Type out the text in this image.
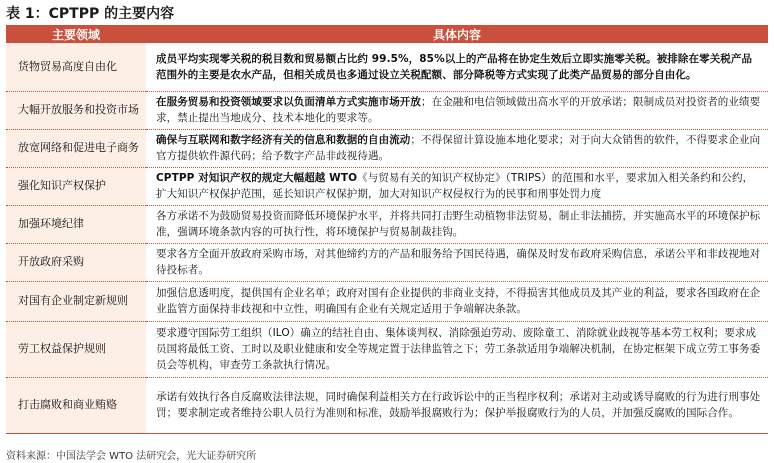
表 1：CPTPP 的主要内容
主要领域	具体内容
货物贸易高度自由化	成员平均实现零关税的税目数和贸易额占比约 99.5%，85%以上的产品将在协定生效后立即实施零关税。被排除在零关税产品范围外的主要是农水产品，但相关成员也多通过设立关税配额、部分降税等方式实现了此类产品贸易的部分自由化。
大幅开放服务和投资市场	在服务贸易和投资领域要求以负面清单方式实施市场开放；在金融和电信领域做出高水平的开放承诺；限制成员对投资者的业绩要求，禁止提出当地成分、技术本地化的要求等。
放宽网络和促进电子商务	确保与互联网和数字经济有关的信息和数据的自由流动；不得保留计算设施本地化要求；对于向大众销售的软件，不得要求企业向官方提供软件源代码；给予数字产品非歧视待遇。
强化知识产权保护	CPTPP 对知识产权的规定大幅超越 WTO《与贸易有关的知识产权协定》（TRIPS）的范围和水平，要求加入相关条约和公约，扩大知识产权保护范围，延长知识产权保护期，加大对知识产权侵权行为的民事和刑事处罚力度
加强环境纪律	各方承诺不为鼓励贸易投资而降低环境保护水平，并将共同打击野生动植物非法贸易，制止非法捕捞，并实施高水平的环境保护标准，强调环境条款内容的可执行性，将环境保护与贸易制裁挂钩。
开放政府采购	要求各方全面开放政府采购市场，对其他缔约方的产品和服务给予国民待遇，确保及时发布政府采购信息，承诺公平和非歧视地对待投标者。
对国有企业制定新规则	加强信息透明度，提供国有企业名单；政府对国有企业提供的非商业支持，不得损害其他成员及其产业的利益，要求各国政府在企业监管方面保持非歧视和中立性，明确国有企业有关规定适用于争端解决条款。
劳工权益保护规则	要求遵守国际劳工组织（ILO）确立的结社自由、集体谈判权、消除强迫劳动、废除童工、消除就业歧视等基本劳工权利；要求成员国将最低工资、工时以及职业健康和安全等规定置于法律监管之下；劳工条款适用争端解决机制，在协定框架下成立劳工事务委员会等机构，审查劳工条款执行情况。
打击腐败和商业贿赂	承诺有效执行各自反腐败法律法规，同时确保利益相关方在行政诉讼中的正当程序权利；承诺对主动或诱导腐败的行为进行刑事处罚；要求制定或者维持公职人员行为准则和标准，鼓励举报腐败行为；保护举报腐败行为的人员，并加强反腐败的国际合作。
资料来源：中国法学会 WTO 法研究会，光大证券研究所
